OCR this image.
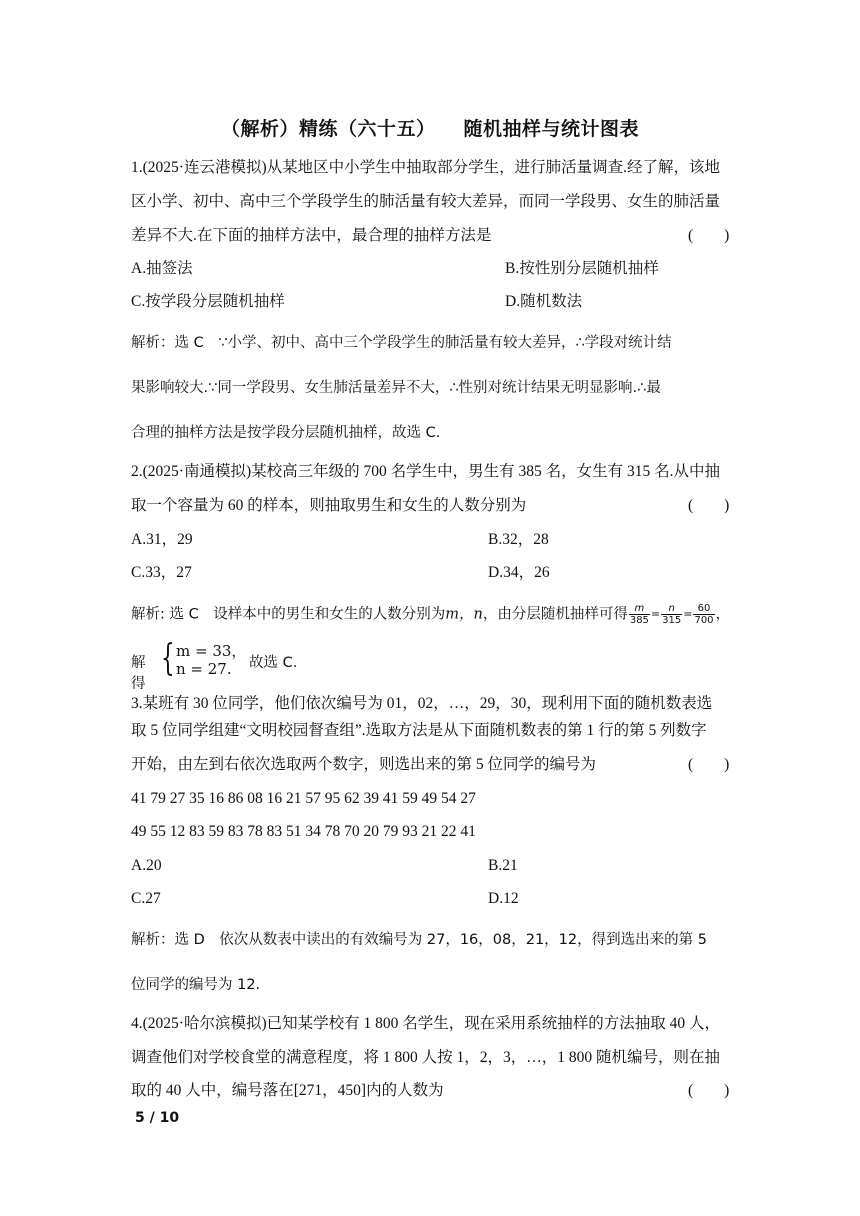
（解析）精练（六十五） 随机抽样与统计图表
1.(2025·连云港模拟)从某地区中小学生中抽取部分学生，进行肺活量调查.经了解，该地
区小学、初中、高中三个学段学生的肺活量有较大差异，而同一学段男、女生的肺活量
差异不大.在下面的抽样方法中，最合理的抽样方法是	(　　)
A.抽签法	B.按性别分层随机抽样
C.按学段分层随机抽样	D.随机数法
解析：选 C　∵小学、初中、高中三个学段学生的肺活量有较大差异，∴学段对统计结
果影响较大.∵同一学段男、女生肺活量差异不大，∴性别对统计结果无明显影响.∴最
合理的抽样方法是按学段分层随机抽样，故选 C.
2.(2025·南通模拟)某校高三年级的 700 名学生中，男生有 385 名，女生有 315 名.从中抽
取一个容量为 60 的样本，则抽取男生和女生的人数分别为	(　　)
A.31，29	B.32，28
C.33，27	D.34，26
解析: 选 C　设样本中的男生和女生的人数分别为m，n，由分层随机抽样可得 $\frac{m}{385} = \frac{n}{315} = \frac{60}{700}$ ，
解得
{ m = 33，
n = 27. 故选 C.
3.某班有 30 位同学，他们依次编号为 01，02，…，29，30，现利用下面的随机数表选
取 5 位同学组建“文明校园督查组”.选取方法是从下面随机数表的第 1 行的第 5 列数字
开始，由左到右依次选取两个数字，则选出来的第 5 位同学的编号为	(　　)
41 79 27 35 16 86 08 16 21 57 95 62 39 41 59 49 54 27
49 55 12 83 59 83 78 83 51 34 78 70 20 79 93 21 22 41
A.20	B.21
C.27	D.12
解析：选 D　依次从数表中读出的有效编号为 27，16，08，21，12，得到选出来的第 5
位同学的编号为 12.
4.(2025·哈尔滨模拟)已知某学校有 1 800 名学生，现在采用系统抽样的方法抽取 40 人，
调查他们对学校食堂的满意程度，将 1 800 人按 1，2，3，…，1 800 随机编号，则在抽
取的 40 人中，编号落在[271，450]内的人数为	(　　)
5 / 10
